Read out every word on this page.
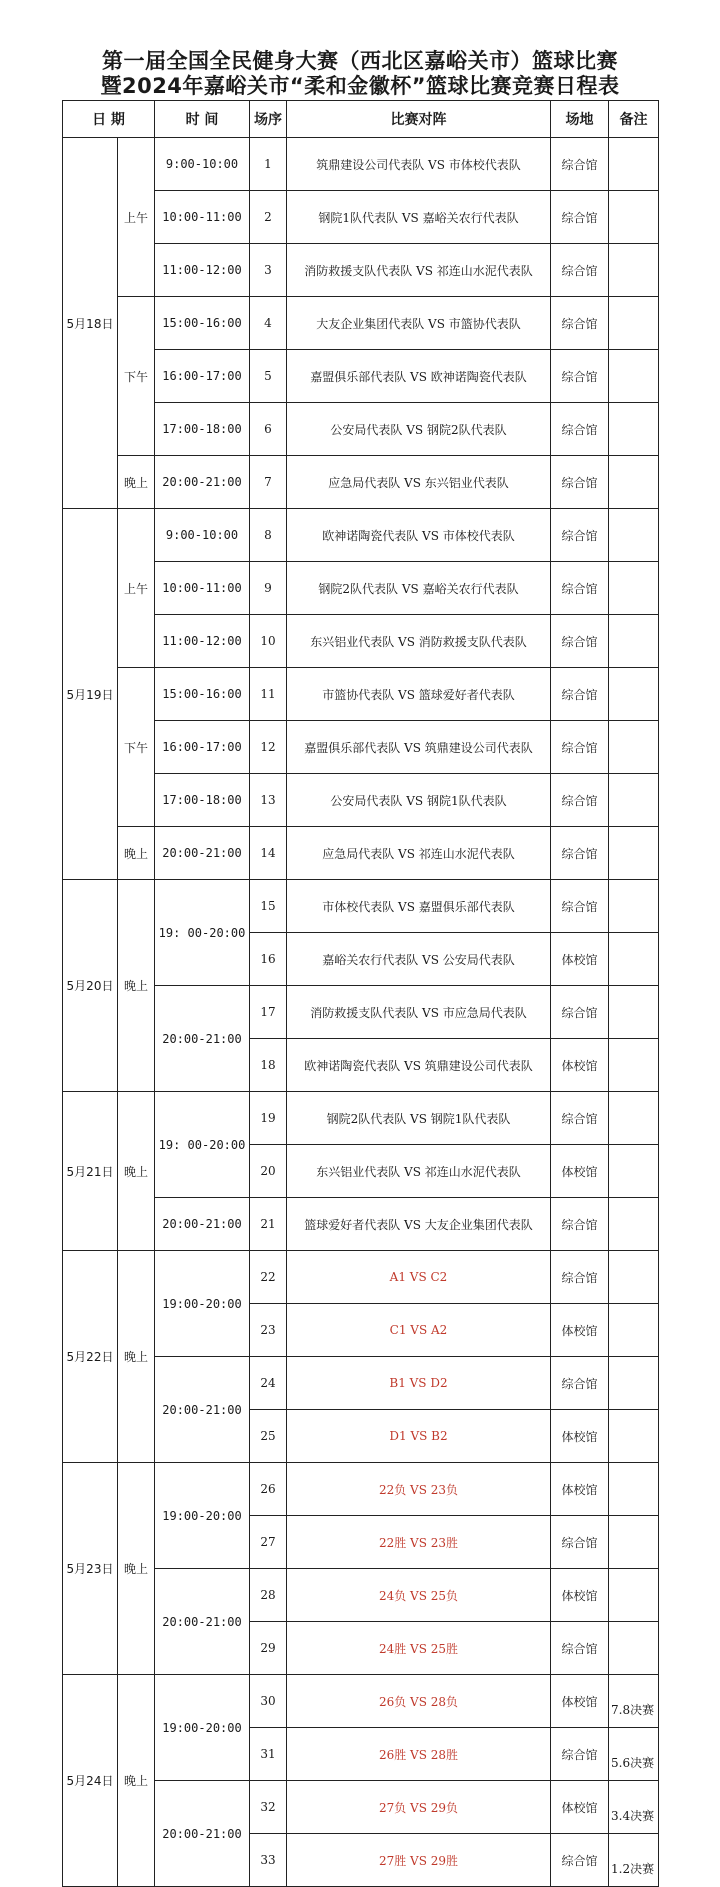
第一届全国全民健身大赛（西北区嘉峪关市）篮球比赛
暨2024年嘉峪关市“柔和金徽杯”篮球比赛竞赛日程表
日 期		时 间	场序	比赛对阵	场地	备注
5月18日	上午	9:00-10:00	1	筑鼎建设公司代表队 VS 市体校代表队	综合馆	
		10:00-11:00	2	钢院1队代表队 VS 嘉峪关农行代表队	综合馆	
		11:00-12:00	3	消防救援支队代表队 VS 祁连山水泥代表队	综合馆	
	下午	15:00-16:00	4	大友企业集团代表队 VS 市篮协代表队	综合馆	
		16:00-17:00	5	嘉盟俱乐部代表队 VS 欧神诺陶瓷代表队	综合馆	
		17:00-18:00	6	公安局代表队 VS 钢院2队代表队	综合馆	
	晚上	20:00-21:00	7	应急局代表队 VS 东兴铝业代表队	综合馆	
5月19日	上午	9:00-10:00	8	欧神诺陶瓷代表队 VS 市体校代表队	综合馆	
		10:00-11:00	9	钢院2队代表队 VS 嘉峪关农行代表队	综合馆	
		11:00-12:00	10	东兴铝业代表队 VS 消防救援支队代表队	综合馆	
	下午	15:00-16:00	11	市篮协代表队 VS 篮球爱好者代表队	综合馆	
		16:00-17:00	12	嘉盟俱乐部代表队 VS 筑鼎建设公司代表队	综合馆	
		17:00-18:00	13	公安局代表队 VS 钢院1队代表队	综合馆	
	晚上	20:00-21:00	14	应急局代表队 VS 祁连山水泥代表队	综合馆	
5月20日	晚上	19: 00-20:00	15	市体校代表队 VS 嘉盟俱乐部代表队	综合馆	
			16	嘉峪关农行代表队 VS 公安局代表队	体校馆	
		20:00-21:00	17	消防救援支队代表队 VS 市应急局代表队	综合馆	
			18	欧神诺陶瓷代表队 VS 筑鼎建设公司代表队	体校馆	
5月21日	晚上	19: 00-20:00	19	钢院2队代表队 VS 钢院1队代表队	综合馆	
			20	东兴铝业代表队 VS 祁连山水泥代表队	体校馆	
		20:00-21:00	21	篮球爱好者代表队 VS 大友企业集团代表队	综合馆	
5月22日	晚上	19:00-20:00	22	A1 VS C2	综合馆	
			23	C1 VS A2	体校馆	
		20:00-21:00	24	B1 VS D2	综合馆	
			25	D1 VS B2	体校馆	
5月23日	晚上	19:00-20:00	26	22负 VS 23负	体校馆	
			27	22胜 VS 23胜	综合馆	
		20:00-21:00	28	24负 VS 25负	体校馆	
			29	24胜 VS 25胜	综合馆	
5月24日	晚上	19:00-20:00	30	26负 VS 28负	体校馆	7.8决赛

			31	26胜 VS 28胜	综合馆	5.6决赛

		20:00-21:00	32	27负 VS 29负	体校馆	3.4决赛

			33	27胜 VS 29胜	综合馆	1.2决赛
